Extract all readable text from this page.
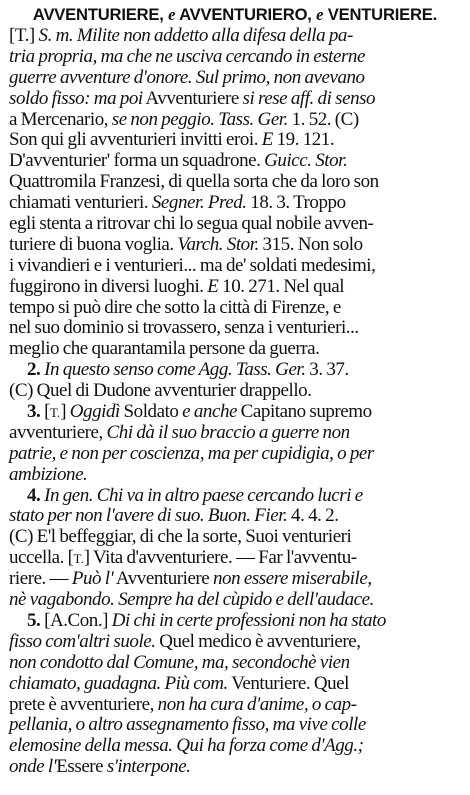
AVVENTURIERE, e AVVENTURIERO, e VENTURIERE.
[T.] S. m. Milite non addetto alla difesa della pa-
tria propria, ma che ne usciva cercando in esterne
guerre avventure d'onore. Sul primo, non avevano
soldo fisso: ma poi Avventuriere si rese aff. di senso
a Mercenario, se non peggio. Tass. Ger. 1. 52. (C)
Son qui gli avventurieri invitti eroi. E 19. 121.
D'avventurier' forma un squadrone. Guicc. Stor.
Quattromila Franzesi, di quella sorta che da loro son
chiamati venturieri. Segner. Pred. 18. 3. Troppo
egli stenta a ritrovar chi lo segua qual nobile avven-
turiere di buona voglia. Varch. Stor. 315. Non solo
i vivandieri e i venturieri... ma de' soldati medesimi,
fuggirono in diversi luoghi. E 10. 271. Nel qual
tempo si può dire che sotto la città di Firenze, e
nel suo dominio si trovassero, senza i venturieri...
meglio che quarantamila persone da guerra.
2. In questo senso come Agg. Tass. Ger. 3. 37.
(C) Quel di Dudone avventurier drappello.
3. [T.] Oggidì Soldato e anche Capitano supremo
avventuriere, Chi dà il suo braccio a guerre non
patrie, e non per coscienza, ma per cupidigia, o per
ambizione.
4. In gen. Chi va in altro paese cercando lucri e
stato per non l'avere di suo. Buon. Fier. 4. 4. 2.
(C) E'l beffeggiar, di che la sorte, Suoi venturieri
uccella. [T.] Vita d'avventuriere. — Far l'avventu-
riere. — Può l' Avventuriere non essere miserabile,
nè vagabondo. Sempre ha del cùpido e dell'audace.
5. [A.Con.] Di chi in certe professioni non ha stato
fisso com'altri suole. Quel medico è avventuriere,
non condotto dal Comune, ma, secondochè vien
chiamato, guadagna. Più com. Venturiere. Quel
prete è avventuriere, non ha cura d'anime, o cap-
pellania, o altro assegnamento fisso, ma vive colle
elemosine della messa. Qui ha forza come d'Agg.;
onde l'Essere s'interpone.
